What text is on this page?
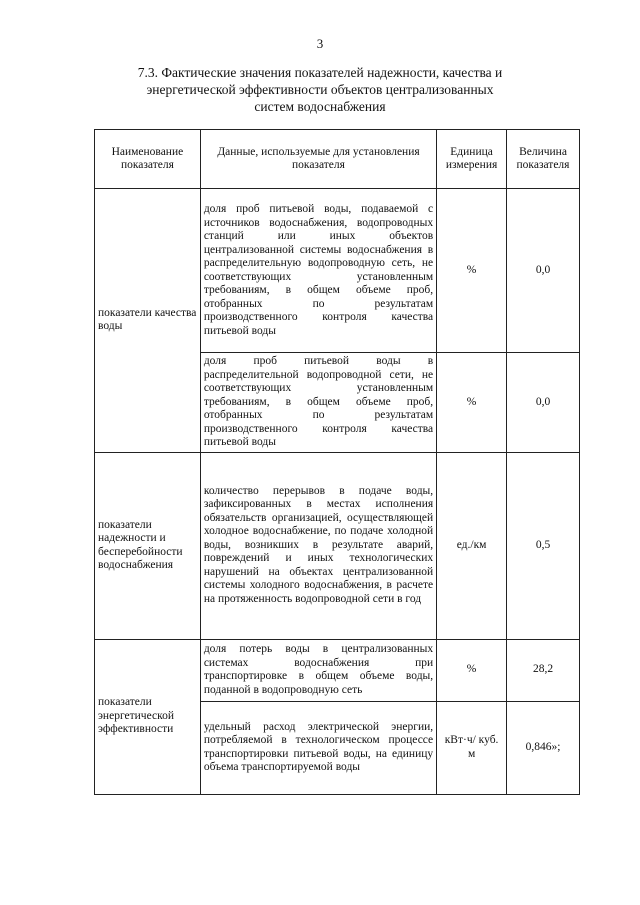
3
7.3. Фактические значения показателей надежности, качества и
энергетической эффективности объектов централизованных
систем водоснабжения
Наименование показателя	Данные, используемые для установления показателя	Единица измерения	Величина показателя
показатели качества воды	доля проб питьевой воды, подаваемой с источников водоснабжения, водопроводных станций или иных объектов централизованной системы водоснабжения в распределительную водопроводную сеть, не соответствующих установленным требованиям, в общем объеме проб, отобранных по результатам производственного контроля качества питьевой воды	%	0,0
	доля проб питьевой воды в распределительной водопроводной сети, не соответствующих установленным требованиям, в общем объеме проб, отобранных по результатам производственного контроля качества питьевой воды	%	0,0
показатели надежности и бесперебойности водоснабжения	количество перерывов в подаче воды, зафиксированных в местах исполнения обязательств организацией, осуществляющей холодное водоснабжение, по подаче холодной воды, возникших в результате аварий, повреждений и иных технологических нарушений на объектах централизованной системы холодного водоснабжения, в расчете на протяженность водопроводной сети в год	ед./км	0,5
показатели энергетической эффективности	доля потерь воды в централизованных системах водоснабжения при транспортировке в общем объеме воды, поданной в водопроводную сеть	%	28,2
	удельный расход электрической энергии, потребляемой в технологическом процессе транспортировки питьевой воды, на единицу объема транспортируемой воды	кВт·ч/ куб. м	0,846»;
